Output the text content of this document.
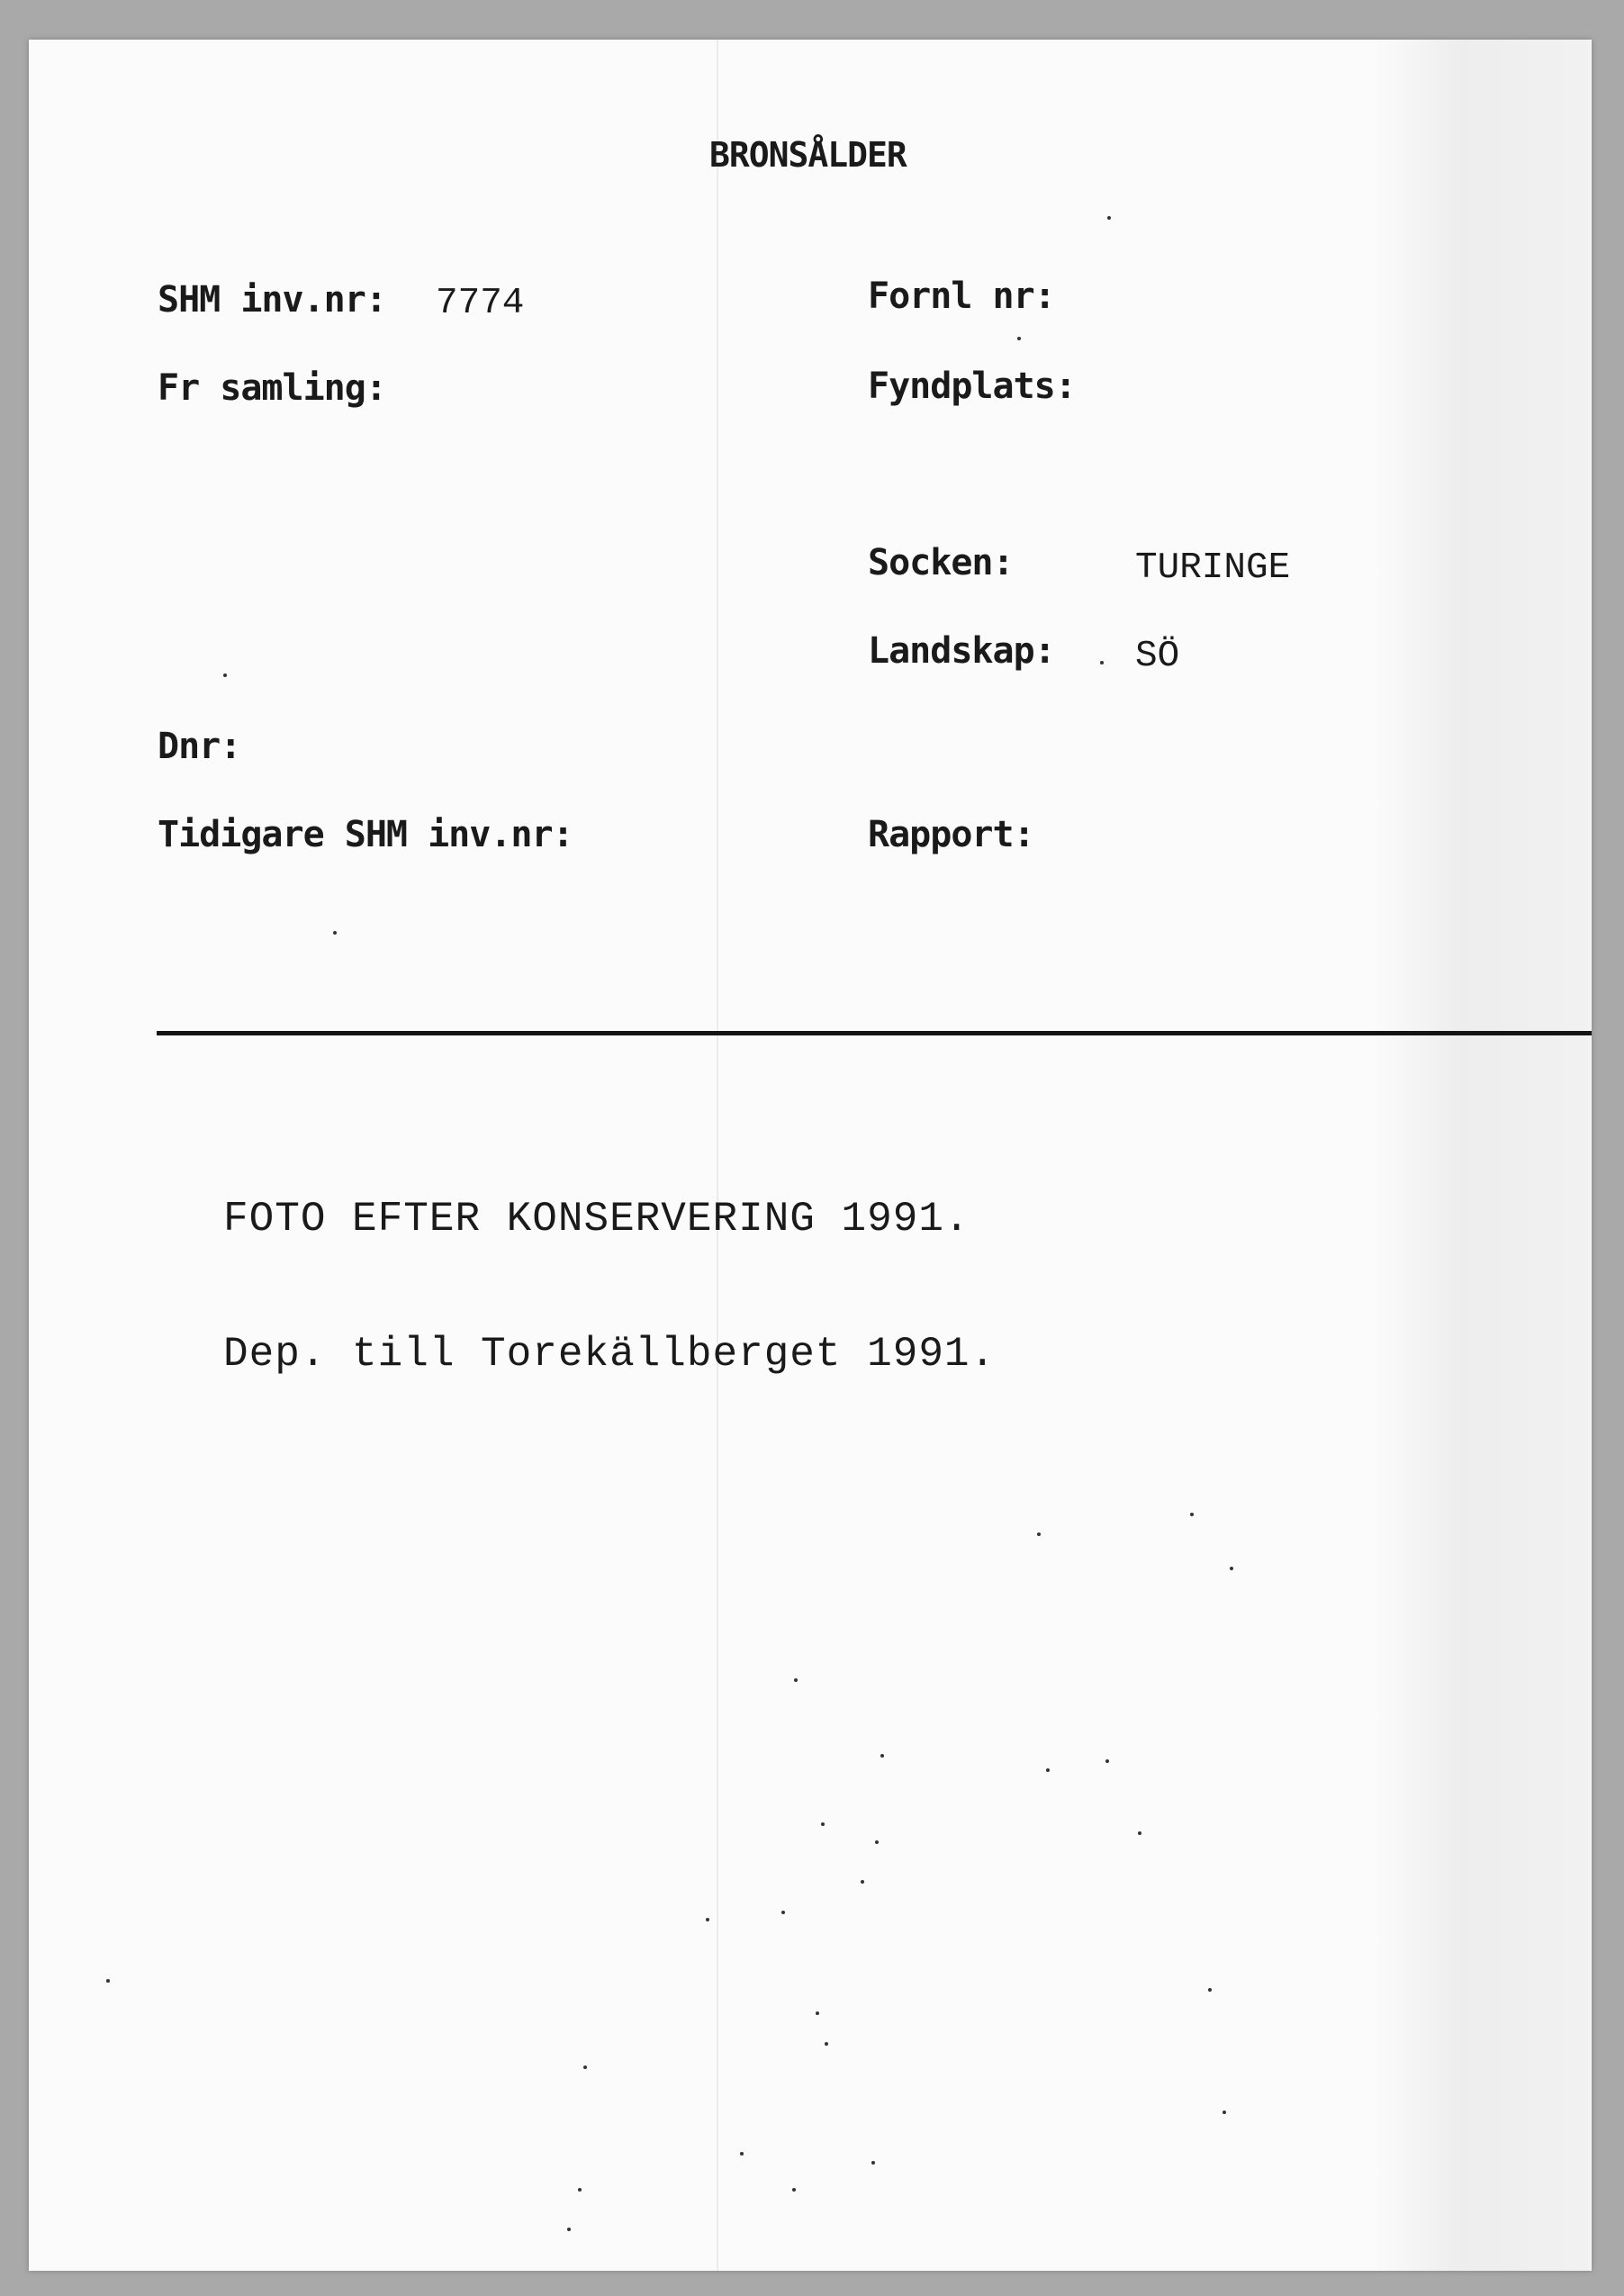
BRONSÅLDER
SHM inv.nr: 7774
Fr samling:
Dnr:
Tidigare SHM inv.nr:
Fornl nr:
Fyndplats:
Socken:	TURINGE
Landskap: SÖ
Rapport:
FOTO EFTER KONSERVERING 1991.
Dep. till Torekällberget 1991.
